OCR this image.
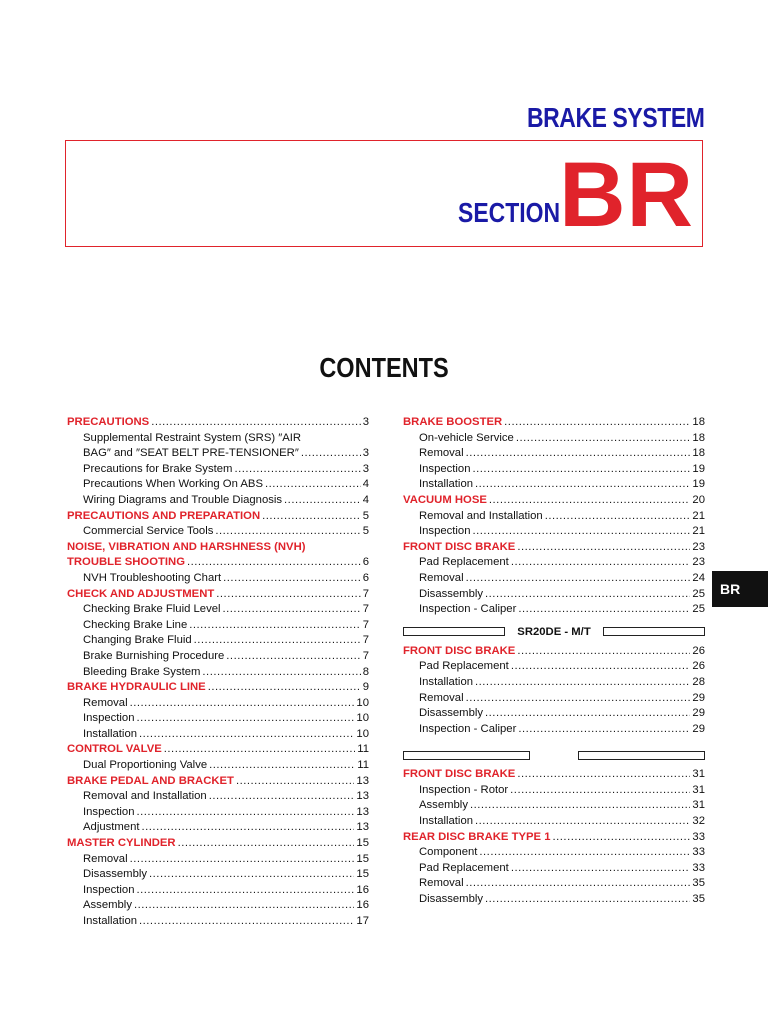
BRAKE SYSTEM
SECTION BR
CONTENTS
PRECAUTIONS .....	3
Supplemental Restraint System (SRS) ″AIR
BAG″ and ″SEAT BELT PRE-TENSIONER″ .....	3
Precautions for Brake System .....	3
Precautions When Working On ABS .....	4
Wiring Diagrams and Trouble Diagnosis .....	4
PRECAUTIONS AND PREPARATION .....	5
Commercial Service Tools .....	5
NOISE, VIBRATION AND HARSHNESS (NVH)
TROUBLE SHOOTING .....	6
NVH Troubleshooting Chart .....	6
CHECK AND ADJUSTMENT .....	7
Checking Brake Fluid Level .....	7
Checking Brake Line .....	7
Changing Brake Fluid .....	7
Brake Burnishing Procedure .....	7
Bleeding Brake System .....	8
BRAKE HYDRAULIC LINE .....	9
Removal .....	10
Inspection .....	10
Installation .....	10
CONTROL VALVE .....	11
Dual Proportioning Valve .....	11
BRAKE PEDAL AND BRACKET .....	13
Removal and Installation .....	13
Inspection .....	13
Adjustment .....	13
MASTER CYLINDER .....	15
Removal .....	15
Disassembly .....	15
Inspection .....	16
Assembly .....	16
Installation .....	17
BRAKE BOOSTER .....	18
On-vehicle Service .....	18
Removal .....	18
Inspection .....	19
Installation .....	19
VACUUM HOSE .....	20
Removal and Installation .....	21
Inspection .....	21
FRONT DISC BRAKE .....	23
Pad Replacement .....	23
Removal .....	24
Disassembly .....	25
Inspection - Caliper .....	25
SR20DE - M/T
FRONT DISC BRAKE .....	26
Pad Replacement .....	26
Installation .....	28
Removal .....	29
Disassembly .....	29
Inspection - Caliper .....	29
FRONT DISC BRAKE .....	31
Inspection - Rotor .....	31
Assembly .....	31
Installation .....	32
REAR DISC BRAKE TYPE 1 .....	33
Component .....	33
Pad Replacement .....	33
Removal .....	35
Disassembly .....	35
BR
